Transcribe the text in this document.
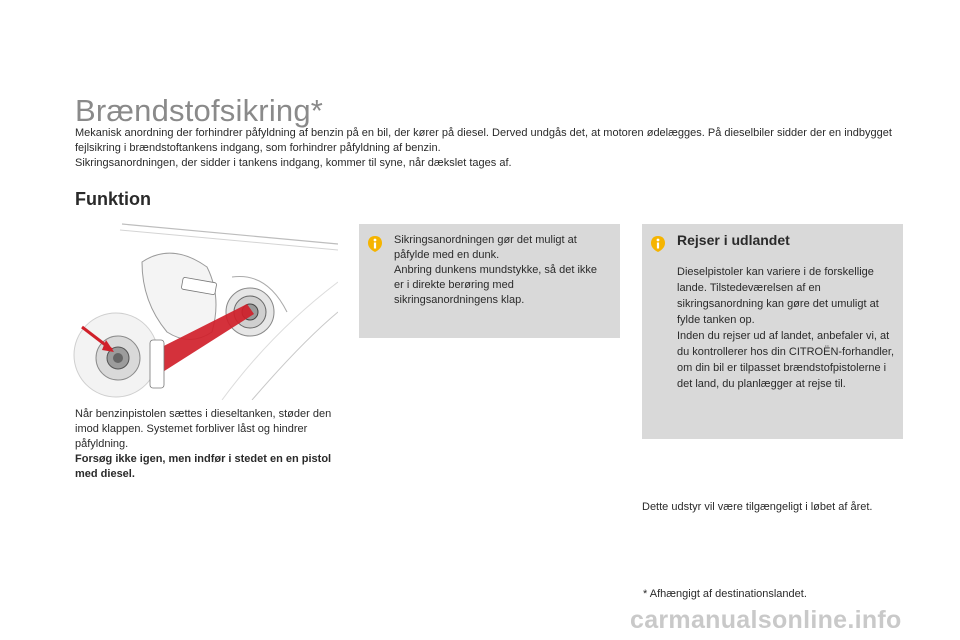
Brændstofsikring*

Mekanisk anordning der forhindrer påfyldning af benzin på en bil, der kører på diesel. Derved undgås det, at motoren ødelægges. På dieselbiler sidder der en indbygget fejlsikring i brændstoftankens indgang, som forhindrer påfyldning af benzin.

Sikringsanordningen, der sidder i tankens indgang, kommer til syne, når dækslet tages af.

Funktion

Når benzinpistolen sættes i dieseltanken, støder den imod klappen. Systemet forbliver låst og hindrer påfyldning.

Forsøg ikke igen, men indfør i stedet en en pistol med diesel.

Sikringsanordningen gør det muligt at påfylde med en dunk.

Anbring dunkens mundstykke, så det ikke er i direkte berøring med sikringsanordningens klap.

Rejser i udlandet

Dieselpistoler kan variere i de forskellige lande. Tilstedeværelsen af en sikringsanordning kan gøre det umuligt at fylde tanken op.

Inden du rejser ud af landet, anbefaler vi, at du kontrollerer hos din CITROËN-forhandler, om din bil er tilpasset brændstofpistolerne i det land, du planlægger at rejse til.

Dette udstyr vil være tilgængeligt i løbet af året.
* Afhængigt af destinationslandet.
carmanualsonline.info
